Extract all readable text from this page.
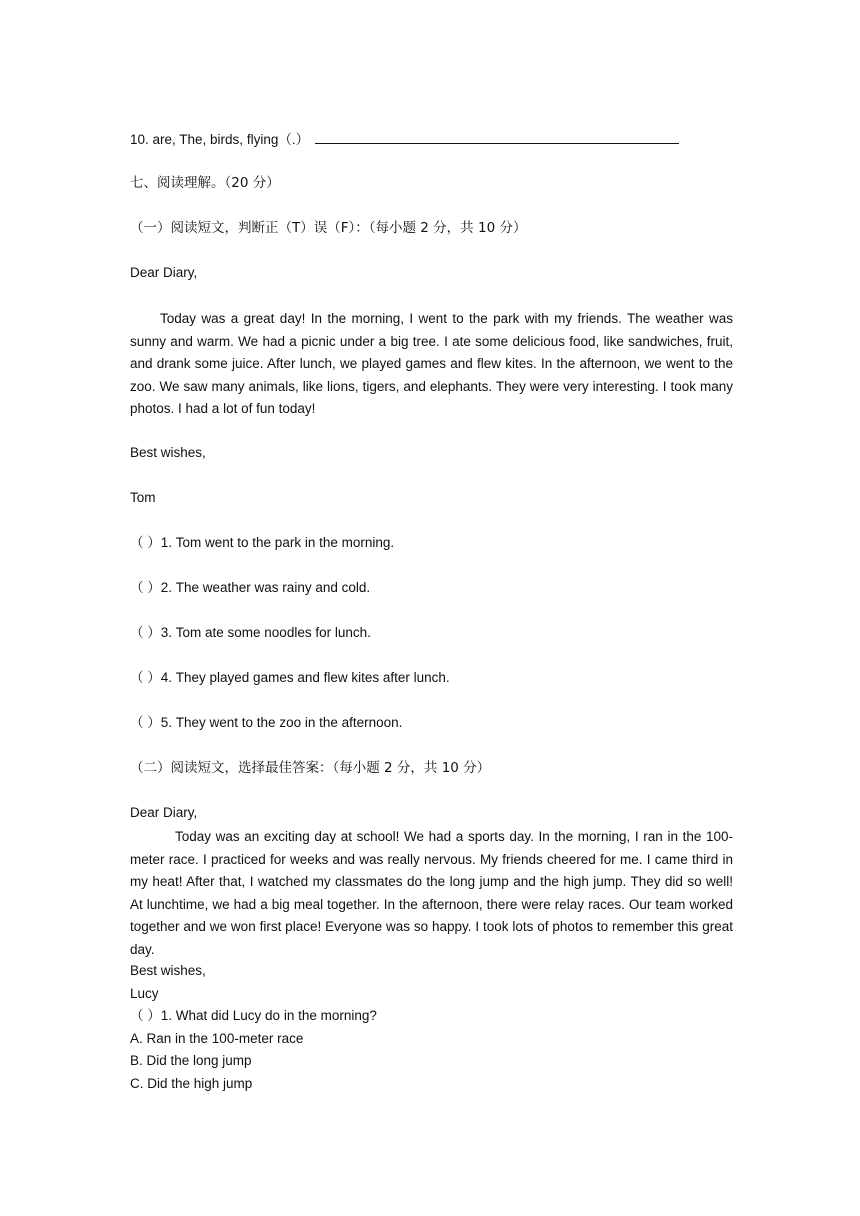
10. are, The, birds, flying（.）
七、阅读理解。（20 分）
（一）阅读短文，判断正（T）误（F）：（每小题 2 分，共 10 分）
Dear Diary,

Today was a great day! In the morning, I went to the park with my friends. The weather was sunny and warm. We had a picnic under a big tree. I ate some delicious food, like sandwiches, fruit, and drank some juice. After lunch, we played games and flew kites. In the afternoon, we went to the zoo. We saw many animals, like lions, tigers, and elephants. They were very interesting. I took many photos. I had a lot of fun today!

Best wishes,
Tom
（ ）1. Tom went to the park in the morning.
（ ）2. The weather was rainy and cold.
（ ）3. Tom ate some noodles for lunch.
（ ）4. They played games and flew kites after lunch.
（ ）5. They went to the zoo in the afternoon.
（二）阅读短文，选择最佳答案：（每小题 2 分，共 10 分）
Dear Diary,

Today was an exciting day at school! We had a sports day. In the morning, I ran in the 100-meter race. I practiced for weeks and was really nervous. My friends cheered for me. I came third in my heat! After that, I watched my classmates do the long jump and the high jump. They did so well! At lunchtime, we had a big meal together. In the afternoon, there were relay races. Our team worked together and we won first place! Everyone was so happy. I took lots of photos to remember this great day.

Best wishes,
Lucy
（ ）1. What did Lucy do in the morning?
A. Ran in the 100-meter race
B. Did the long jump
C. Did the high jump
